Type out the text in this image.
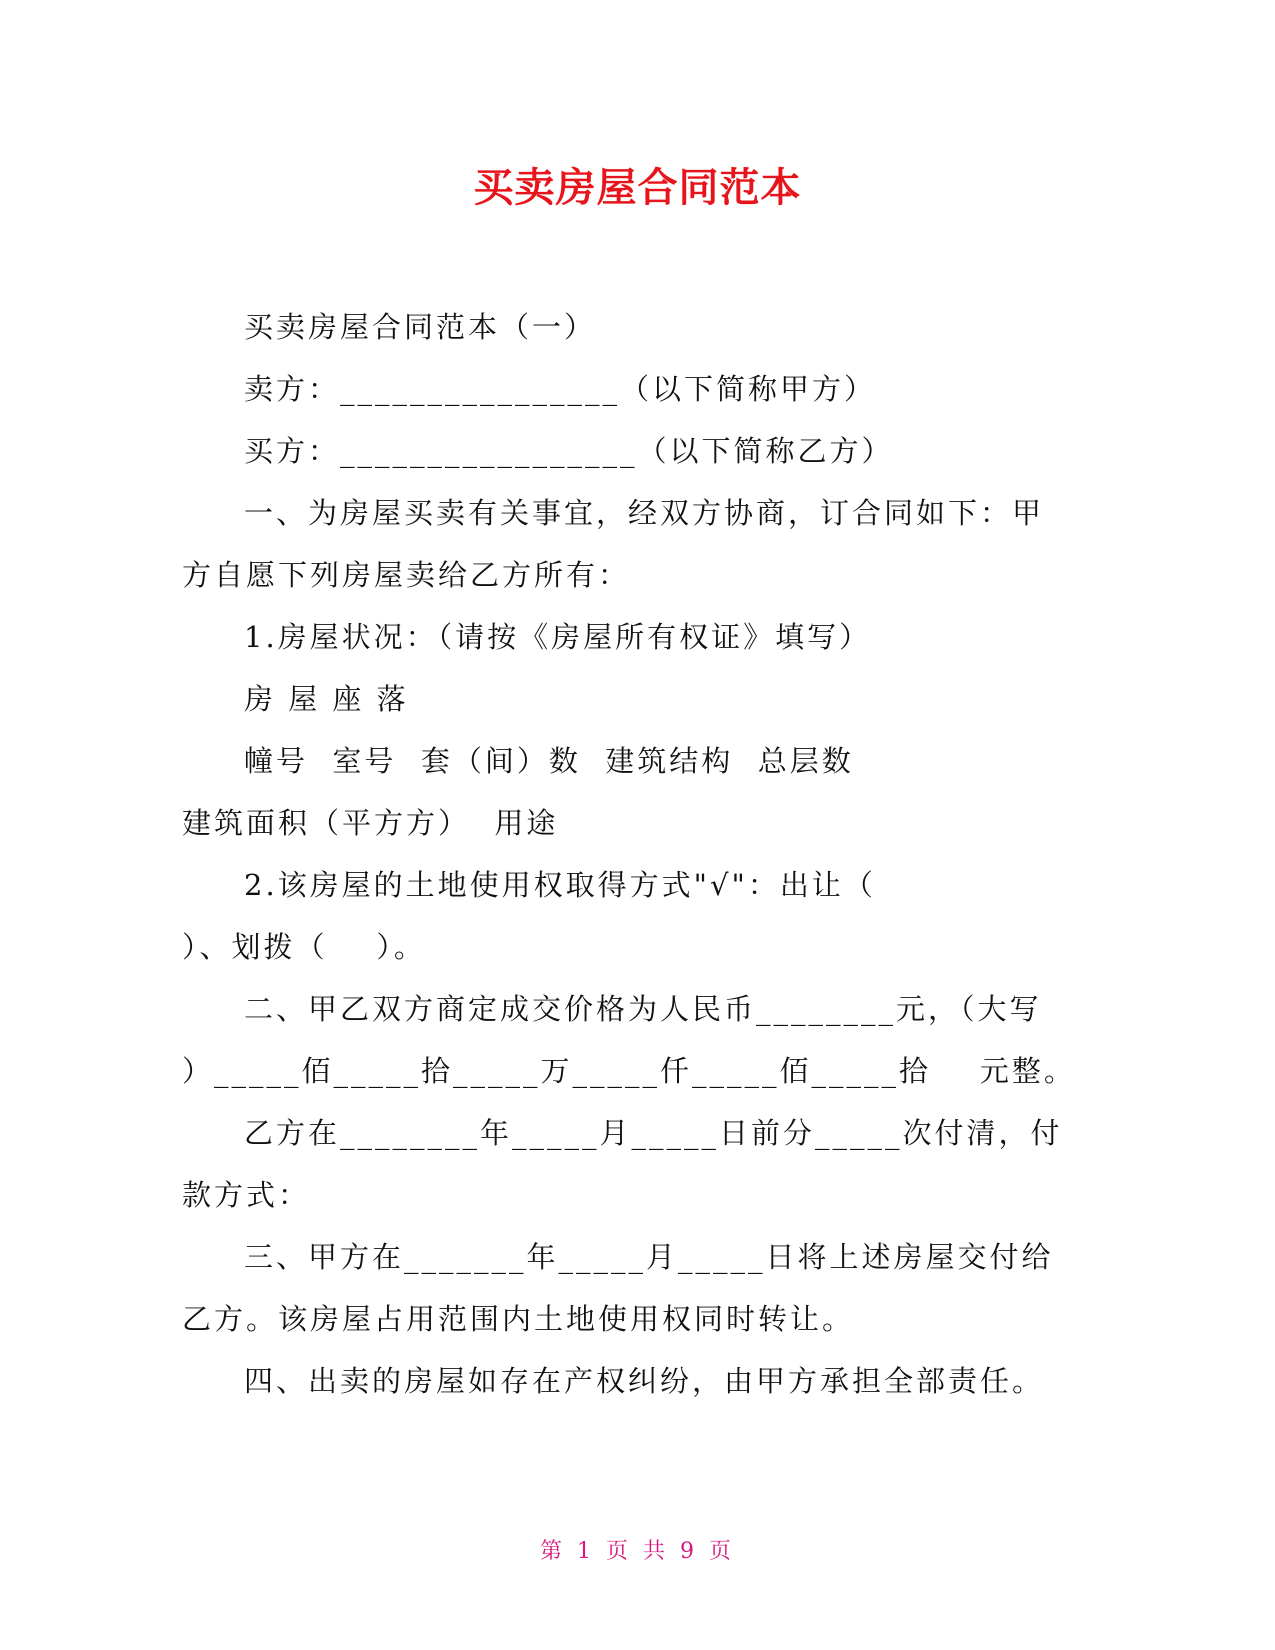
买卖房屋合同范本
买卖房屋合同范本（一）
卖方：________________（以下简称甲方）
买方：_________________（以下简称乙方）
一、为房屋买卖有关事宜，经双方协商，订合同如下：甲
方自愿下列房屋卖给乙方所有：
1.房屋状况：（请按《房屋所有权证》填写）
房 屋 座 落
幢号  室号  套（间）数  建筑结构  总层数
建筑面积（平方方）  用途
2.该房屋的土地使用权取得方式"√"：出让（
）、划拨（    ）。
二、甲乙双方商定成交价格为人民币________元，（大写
）_____佰_____拾_____万_____仟_____佰_____拾    元整。
乙方在________年_____月_____日前分_____次付清，付
款方式：
三、甲方在_______年_____月_____日将上述房屋交付给
乙方。该房屋占用范围内土地使用权同时转让。
四、出卖的房屋如存在产权纠纷，由甲方承担全部责任。
第 1 页 共 9 页
